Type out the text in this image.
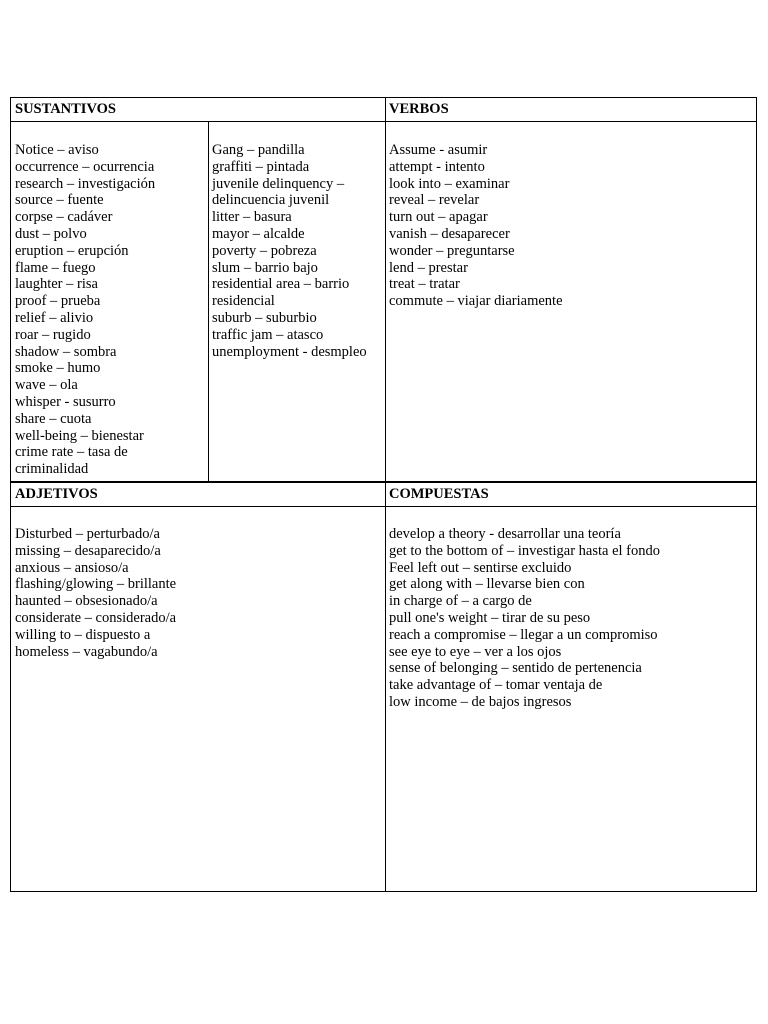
SUSTANTIVOS	VERBOS
ADJETIVOS	COMPUESTAS
Notice – aviso
occurrence – ocurrencia
research – investigación
source – fuente
corpse – cadáver
dust – polvo
eruption – erupción
flame – fuego
laughter – risa
proof – prueba
relief – alivio
roar – rugido
shadow – sombra
smoke – humo
wave – ola
whisper - susurro
share – cuota
well-being – bienestar
crime rate – tasa de
criminalidad
Gang – pandilla
graffiti – pintada
juvenile delinquency –
delincuencia juvenil
litter – basura
mayor – alcalde
poverty – pobreza
slum – barrio bajo
residential area – barrio
residencial
suburb – suburbio
traffic jam – atasco
unemployment - desmpleo
Assume - asumir
attempt - intento
look into – examinar
reveal – revelar
turn out – apagar
vanish – desaparecer
wonder – preguntarse
lend – prestar
treat – tratar
commute – viajar diariamente
Disturbed – perturbado/a
missing – desaparecido/a
anxious – ansioso/a
flashing/glowing – brillante
haunted – obsesionado/a
considerate – considerado/a
willing to – dispuesto a
homeless – vagabundo/a
develop a theory - desarrollar una teoría
get to the bottom of – investigar hasta el fondo
Feel left out – sentirse excluido
get along with – llevarse bien con
in charge of – a cargo de
pull one's weight – tirar de su peso
reach a compromise – llegar a un compromiso
see eye to eye – ver a los ojos
sense of belonging – sentido de pertenencia
take advantage of – tomar ventaja de
low income – de bajos ingresos
